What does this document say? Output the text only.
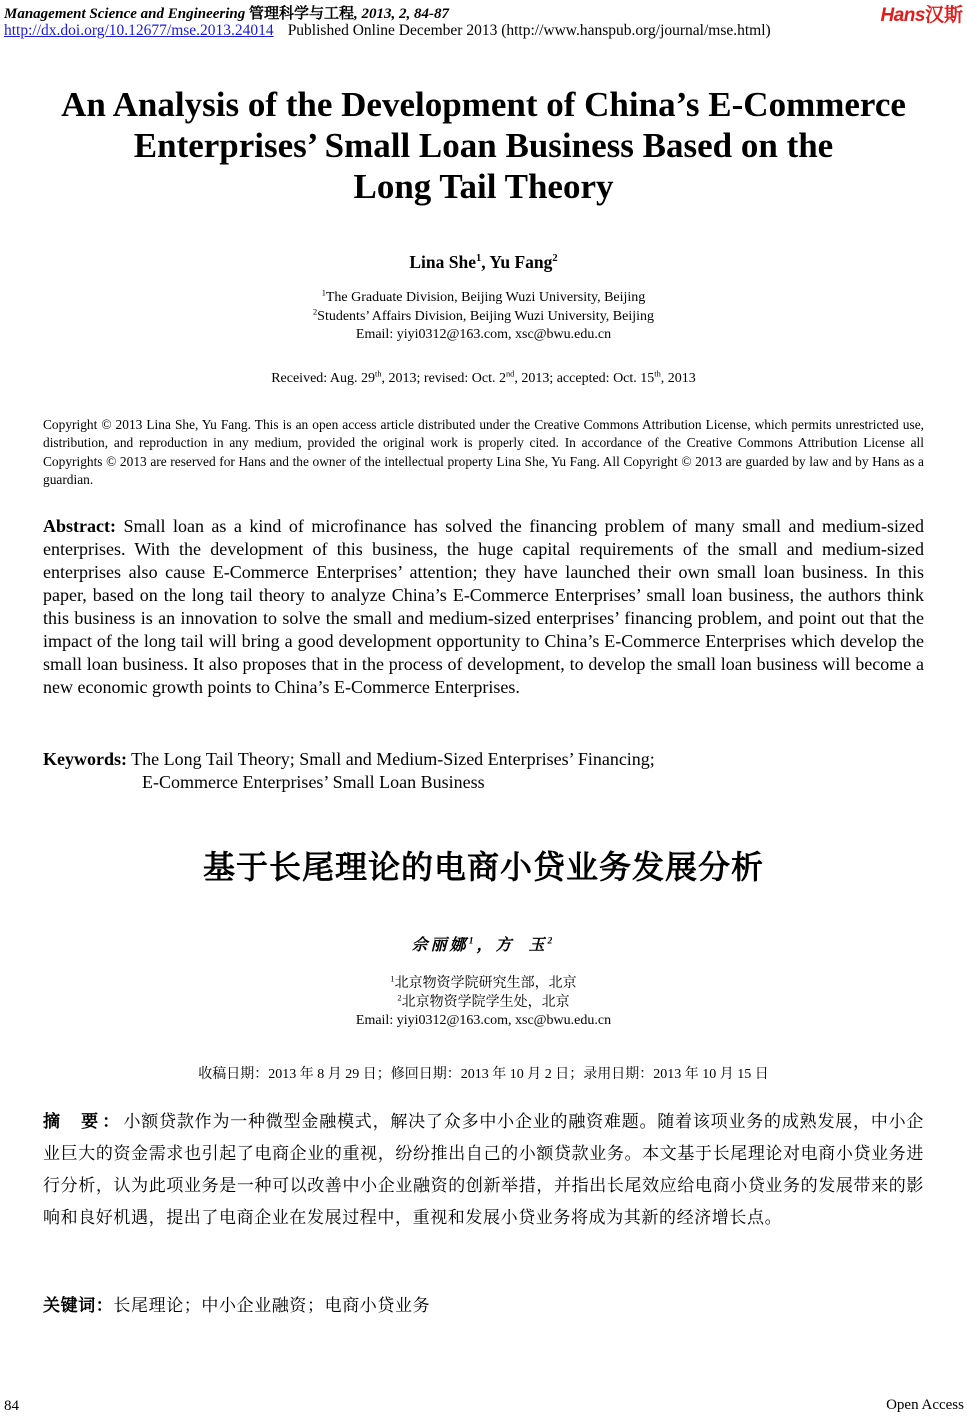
Management Science and Engineering 管理科学与工程, 2013, 2, 84-87	Hans汉斯
http://dx.doi.org/10.12677/mse.2013.24014 Published Online December 2013 (http://www.hanspub.org/journal/mse.html)
An Analysis of the Development of China’s E-Commerce
Enterprises’ Small Loan Business Based on the
Long Tail Theory
Lina She$^1$, Yu Fang$^2$
$^1$The Graduate Division, Beijing Wuzi University, Beijing
$^2$Students’ Affairs Division, Beijing Wuzi University, Beijing
Email: yiyi0312@163.com, xsc@bwu.edu.cn
Received: Aug. 29th, 2013; revised: Oct. 2nd, 2013; accepted: Oct. 15th, 2013
Copyright © 2013 Lina She, Yu Fang. This is an open access article distributed under the Creative Commons Attribution License, which permits unrestricted use, distribution, and reproduction in any medium, provided the original work is properly cited. In accordance of the Creative Commons Attribution License all Copyrights © 2013 are reserved for Hans and the owner of the intellectual property Lina She, Yu Fang. All Copyright © 2013 are guarded by law and by Hans as a guardian.
Abstract: Small loan as a kind of microfinance has solved the financing problem of many small and medium-sized enterprises. With the development of this business, the huge capital requirements of the small and medium-sized enterprises also cause E-Commerce Enterprises’ attention; they have launched their own small loan business. In this paper, based on the long tail theory to analyze China’s E-Commerce Enterprises’ small loan business, the authors think this business is an innovation to solve the small and medium-sized enterprises’ financing problem, and point out that the impact of the long tail will bring a good development opportunity to China’s E-Commerce Enterprises which develop the small loan business. It also proposes that in the process of development, to develop the small loan business will become a new economic growth points to China’s E-Commerce Enterprises.
Keywords: The Long Tail Theory; Small and Medium-Sized Enterprises’ Financing;
E-Commerce Enterprises’ Small Loan Business
基于长尾理论的电商小贷业务发展分析
佘丽娜$^1$，方  玉$^2$
$^1$北京物资学院研究生部，北京
$^2$北京物资学院学生处，北京
Email: yiyi0312@163.com, xsc@bwu.edu.cn
收稿日期：2013 年 8 月 29 日；修回日期：2013 年 10 月 2 日；录用日期：2013 年 10 月 15 日
摘  要：小额贷款作为一种微型金融模式，解决了众多中小企业的融资难题。随着该项业务的成熟发展，中小企业巨大的资金需求也引起了电商企业的重视，纷纷推出自己的小额贷款业务。本文基于长尾理论对电商小贷业务进行分析，认为此项业务是一种可以改善中小企业融资的创新举措，并指出长尾效应给电商小贷业务的发展带来的影响和良好机遇，提出了电商企业在发展过程中，重视和发展小贷业务将成为其新的经济增长点。
关键词：长尾理论；中小企业融资；电商小贷业务
84	Open Access
